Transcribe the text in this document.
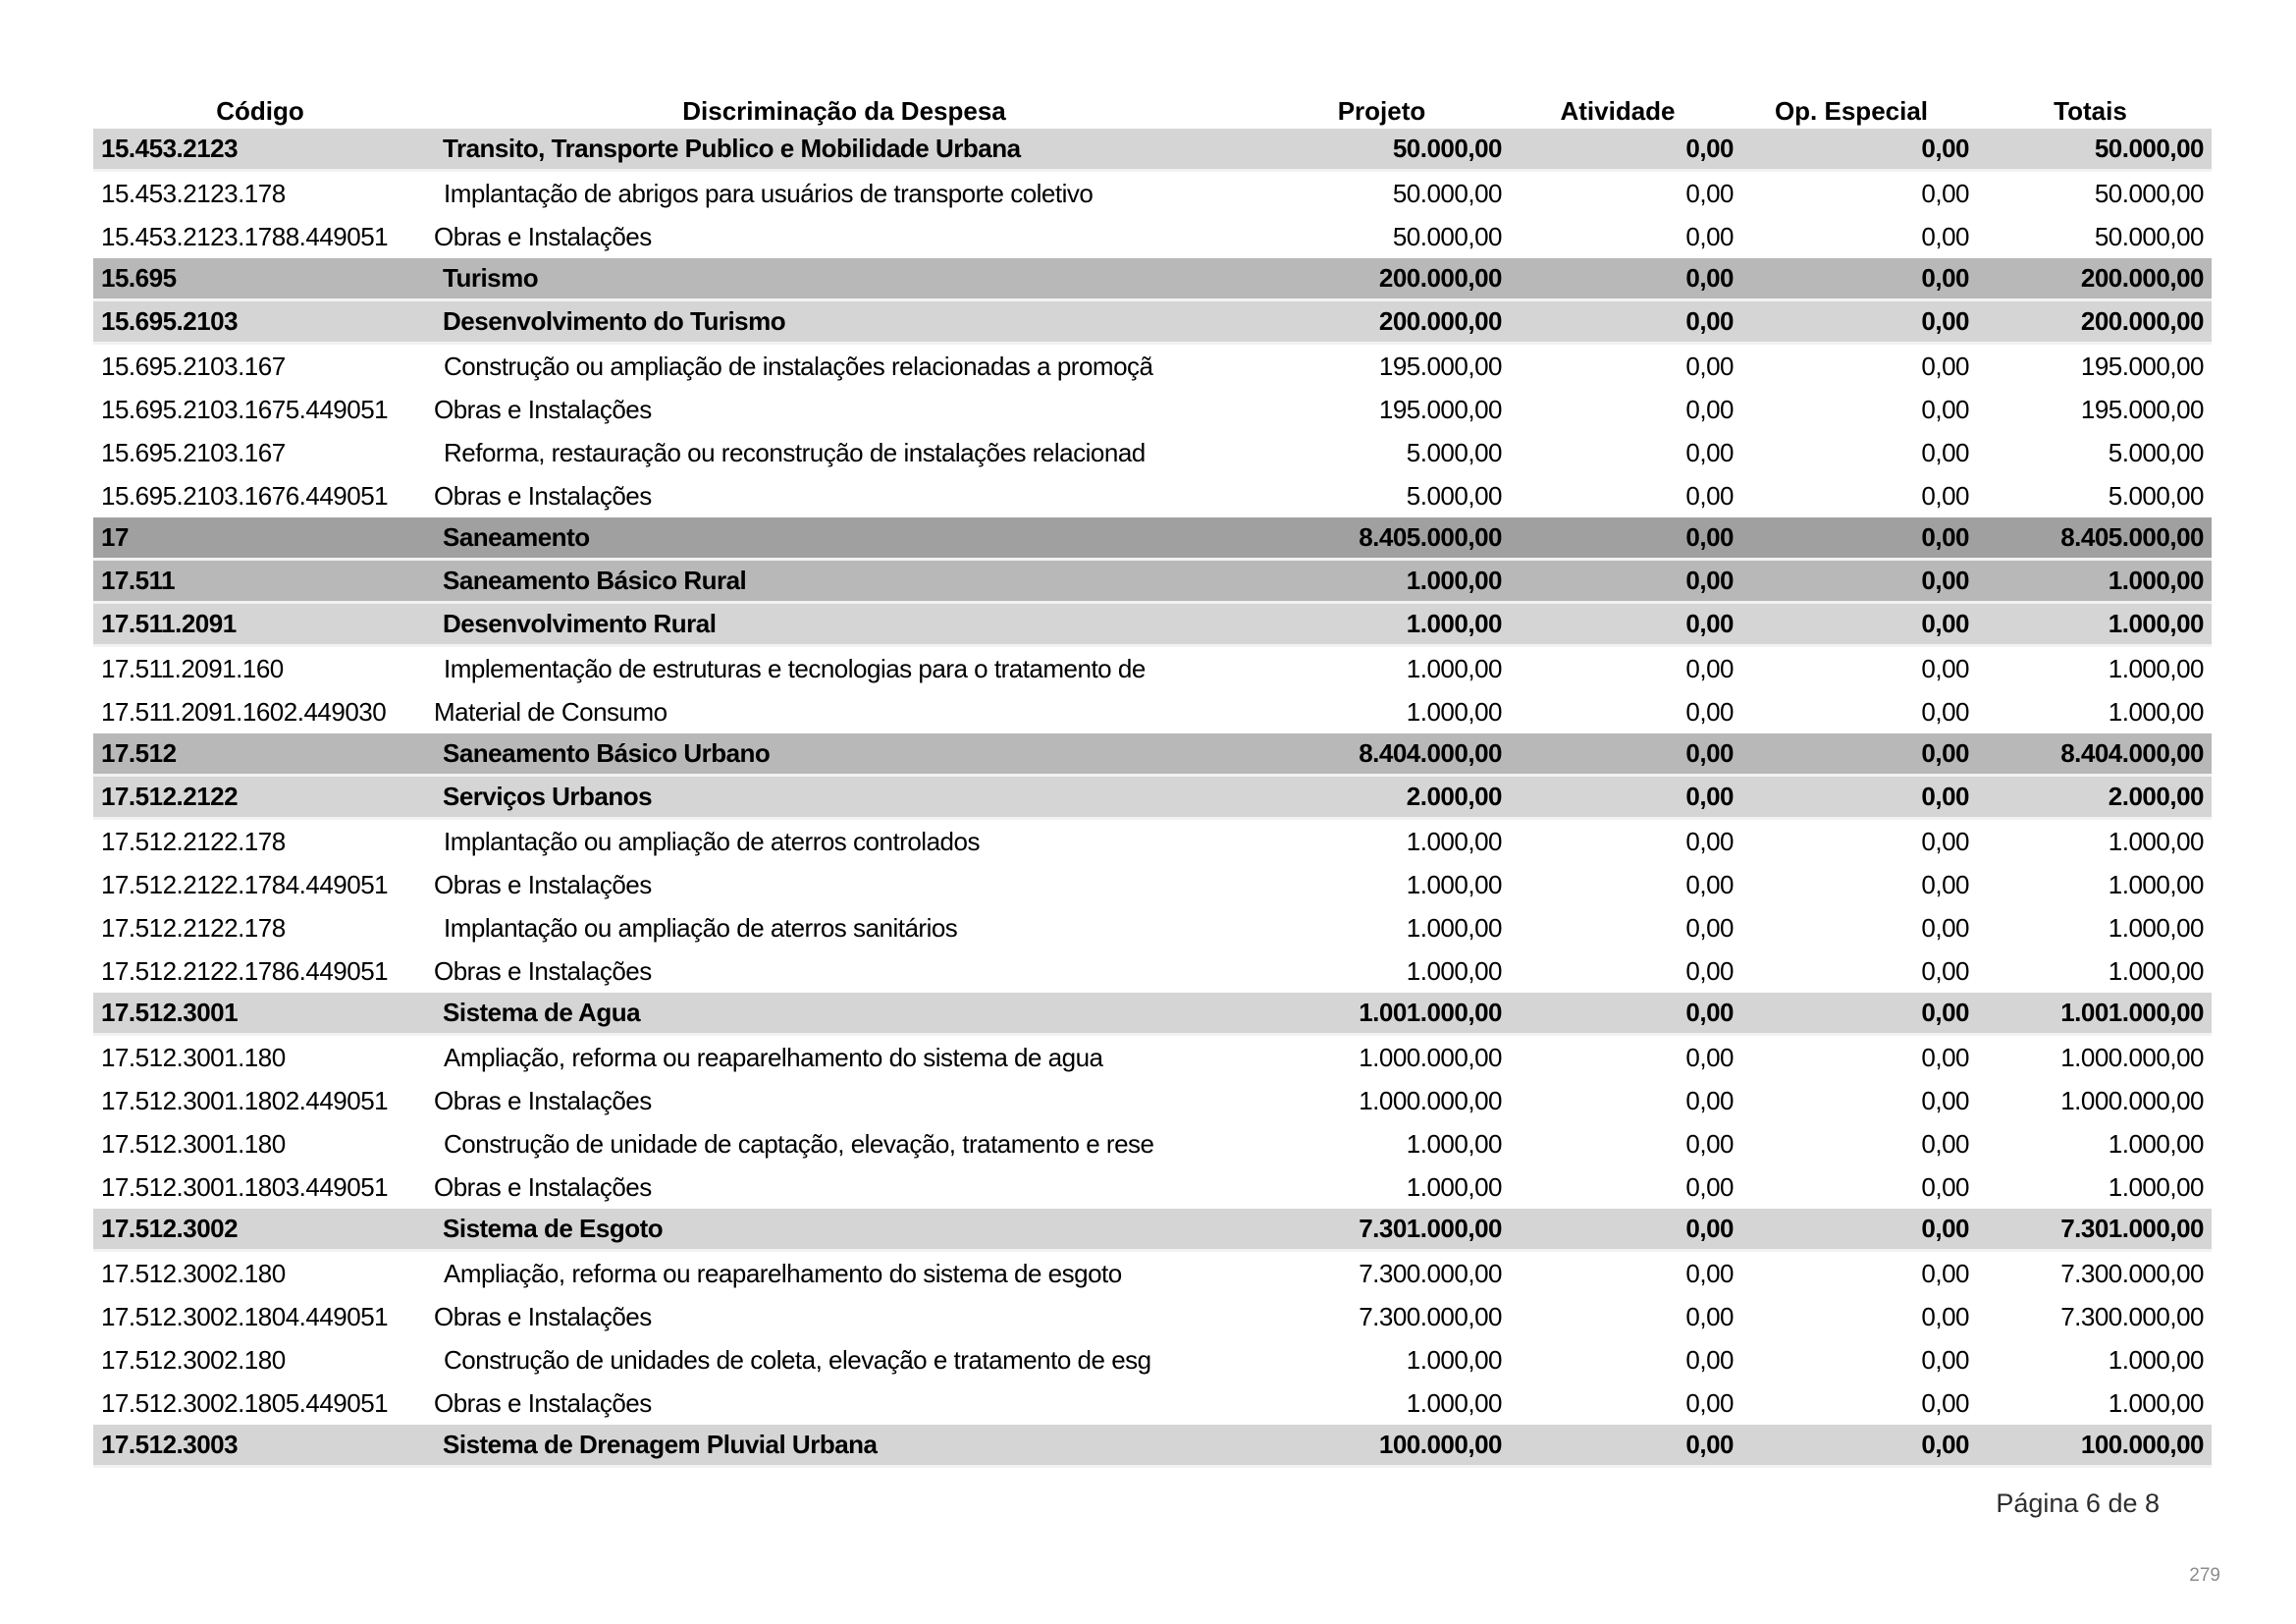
Código	Discriminação da Despesa	Projeto	Atividade	Op. Especial	Totais
15.453.2123	Transito, Transporte Publico e Mobilidade Urbana	50.000,00	0,00	0,00	50.000,00
15.453.2123.178	Implantação de abrigos para usuários de transporte coletivo	50.000,00	0,00	0,00	50.000,00
15.453.2123.1788.449051	Obras e Instalações	50.000,00	0,00	0,00	50.000,00
15.695	Turismo	200.000,00	0,00	0,00	200.000,00
15.695.2103	Desenvolvimento do Turismo	200.000,00	0,00	0,00	200.000,00
15.695.2103.167	Construção ou ampliação de instalações relacionadas a promoçã	195.000,00	0,00	0,00	195.000,00
15.695.2103.1675.449051	Obras e Instalações	195.000,00	0,00	0,00	195.000,00
15.695.2103.167	Reforma, restauração ou reconstrução de instalações relacionad	5.000,00	0,00	0,00	5.000,00
15.695.2103.1676.449051	Obras e Instalações	5.000,00	0,00	0,00	5.000,00
17	Saneamento	8.405.000,00	0,00	0,00	8.405.000,00
17.511	Saneamento Básico Rural	1.000,00	0,00	0,00	1.000,00
17.511.2091	Desenvolvimento Rural	1.000,00	0,00	0,00	1.000,00
17.511.2091.160	Implementação de estruturas e tecnologias para o tratamento de	1.000,00	0,00	0,00	1.000,00
17.511.2091.1602.449030	Material de Consumo	1.000,00	0,00	0,00	1.000,00
17.512	Saneamento Básico Urbano	8.404.000,00	0,00	0,00	8.404.000,00
17.512.2122	Serviços Urbanos	2.000,00	0,00	0,00	2.000,00
17.512.2122.178	Implantação ou ampliação de aterros controlados	1.000,00	0,00	0,00	1.000,00
17.512.2122.1784.449051	Obras e Instalações	1.000,00	0,00	0,00	1.000,00
17.512.2122.178	Implantação ou ampliação de aterros sanitários	1.000,00	0,00	0,00	1.000,00
17.512.2122.1786.449051	Obras e Instalações	1.000,00	0,00	0,00	1.000,00
17.512.3001	Sistema de Agua	1.001.000,00	0,00	0,00	1.001.000,00
17.512.3001.180	Ampliação, reforma ou reaparelhamento do sistema de agua	1.000.000,00	0,00	0,00	1.000.000,00
17.512.3001.1802.449051	Obras e Instalações	1.000.000,00	0,00	0,00	1.000.000,00
17.512.3001.180	Construção de unidade de captação, elevação, tratamento e rese	1.000,00	0,00	0,00	1.000,00
17.512.3001.1803.449051	Obras e Instalações	1.000,00	0,00	0,00	1.000,00
17.512.3002	Sistema de Esgoto	7.301.000,00	0,00	0,00	7.301.000,00
17.512.3002.180	Ampliação, reforma ou reaparelhamento do sistema de esgoto	7.300.000,00	0,00	0,00	7.300.000,00
17.512.3002.1804.449051	Obras e Instalações	7.300.000,00	0,00	0,00	7.300.000,00
17.512.3002.180	Construção de unidades de coleta, elevação e tratamento de esg	1.000,00	0,00	0,00	1.000,00
17.512.3002.1805.449051	Obras e Instalações	1.000,00	0,00	0,00	1.000,00
17.512.3003	Sistema de Drenagem Pluvial Urbana	100.000,00	0,00	0,00	100.000,00
Página 6 de 8
279
